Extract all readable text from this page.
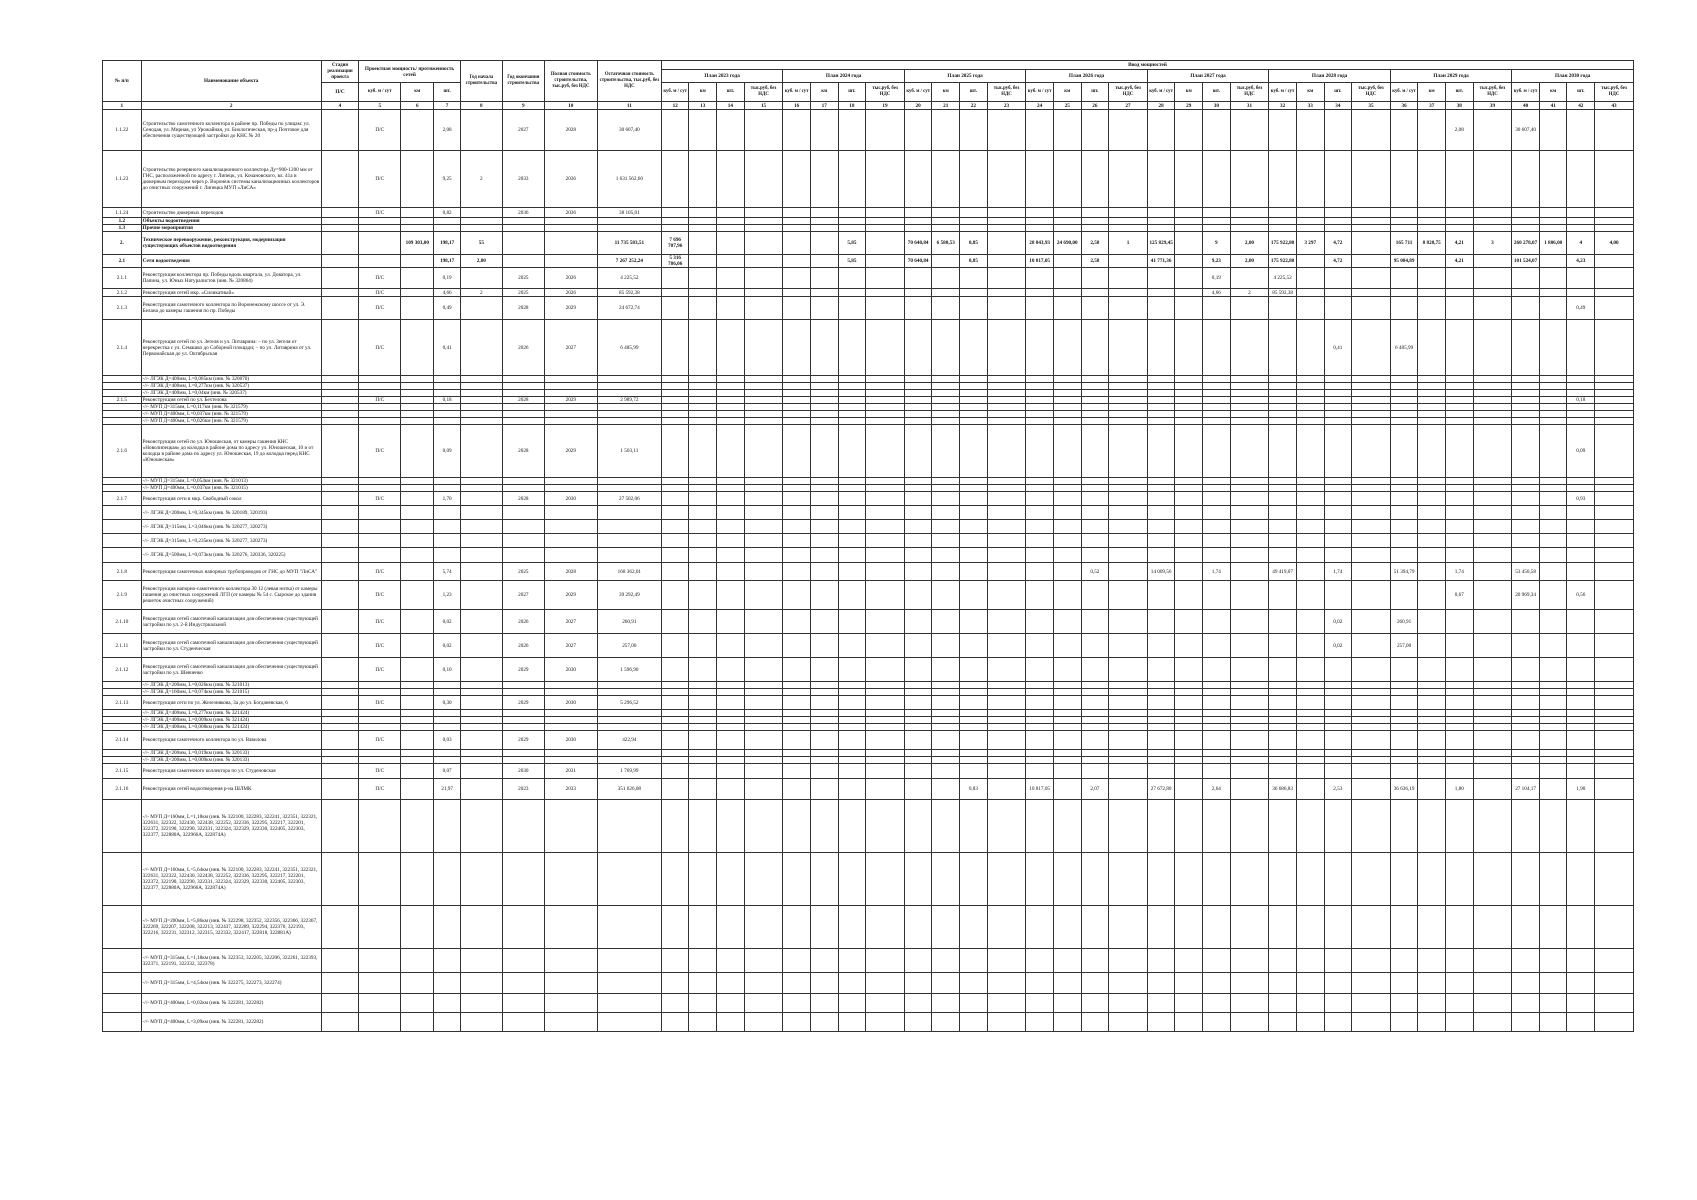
№ п/п	Наименование объекта	Стадия реализации проекта	Проектная мощность/ протяженность сетей			Год начала строительства	Год окончания строительства	Полная стоимость строительства, тыс.руб, без НДС	Остаточная стоимость строительства, тыс.руб, без НДС	Ввод мощностей																															
										План 2023 года				План 2024 года				План 2025 года				План 2026 года				План 2027 года				План 2028 года				План 2029 года				План 2030 года			
			куб. м / сут	км	шт.					куб. м / сут	км	шт.	тыс.руб, без НДС	куб. м / сут	км	шт.	тыс.руб, без НДС	куб. м / сут	км	шт.	тыс.руб, без НДС	куб. м / сут	км	шт.	тыс.руб, без НДС	куб. м / сут	км	шт.	тыс.руб, без НДС	куб. м / сут	км	шт.	тыс.руб, без НДС	куб. м / сут	км	шт.	тыс.руб, без НДС	куб. м / сут	км	шт.	тыс.руб, без НДС
		П/С																																							
1	2	4	5	6	7	8	9	10	11	12	13	14	15	16	17	18	19	20	21	22	23	24	25	26	27	28	29	30	31	32	33	34	35	36	37	38	39	40	41	42	43
1.1.22	Строительство самотечного коллектора в районе пр. Победы по улицам: ул. Сенодая, ул. Мирная, ул Урожайная, ул. Биологическая, пр-д Почтовое для обеспечения существующей застройки до КНС № 20		П/С		2,08		2027	2028	30 607,40																											2,08		30 607,40			
1.1.23	Строительство резервного канализационного коллектора Ду=900-1200 мм от ГНС, расположенной по адресу г. Липецк, ул. Кочановского, вл. 41а и дюкерным переходом через р. Воронеж системы канализационных коллекторов до очистных сооружений г. Липецка МУП «ЛиСА»		П/С		9,25	2	2033	2036	1 631 562,60																																
1.1.24	Строительство дюкерных переходов		П/С		0,82		2036	2036	38 105,01																																
1.2	Объекты водоотведения																																								
1.3	Прочие мероприятия																																								
2.	Техническое перевооружение, реконструкция, модернизация существующих объектов водоотведения			109 303,00	198,17	55			11 735 583,51	7 696 707,96						5,85		70 640,84	6 580,53	0,85		28 843,93	24 690,00	2,58	1	125 829,45		9	2,00	175 922,80	3 297	4,72		165 711	8 828,75	4,21	3	260 278,07	1 886,00	4	4,00
2.1	Сети водоотведения				198,17	2,00			7 267 252,24	5 316 786,06						5,85		70 640,84		0,85		10 817,05		2,58		41 771,36		9,23	2,00	175 922,80		4,72		95 084,89		4,21		101 524,07		4,23	
2.1.1	Реконструкция коллектора пр. Победы вдоль квартала, ул. Доватора, ул. Папина, ул. Юных Натуралистов (инв. № 320864)		П/С		0,19		2025	2026	4 225,52																			0,19		4 225,52											
2.1.2	Реконструкция сетей мкр. «Силикатный»		П/С		4,66	2	2025	2026	85 592,38																			4,66	2	85 592,38											
2.1.3	Реконструкция самотечного коллектора по Воронежскому шоссе от ул. Э. Белана до камеры гашения по пр. Победы		П/С		0,49		2028	2029	24 672,74																															0,49	
2.1.4	Реконструкция сетей по ул. Зегеля и ул. Литаврина: – по ул. Зегеля от перекрестка с ул. Семашко до Соборной площади; – по ул. Литаврина от ул. Первомайская до ул. Октябрьская		П/С		0,41		2026	2027	6 485,99																							0,41		6 485,99							
	-//- ЛГЭК Д=400мм, L=0,085км (инв. № 320070)																																								
	-//- ЛГЭК Д=400мм, L=0,277км (инв. № 320537)																																								
	-//- ЛГЭК Д=400мм, L=0,04км (инв. № 320537)																																								
2.1.5	Реконструкция сетей по ул. Бехтелова		П/С		0,18		2028	2029	2 989,72																															0,18	
	-//- МУП Д=315мм, L=0,117км (инв. № 321579)																																								
	-//- МУП Д=400мм, L=0,037км (инв. № 321579)																																								
	-//- МУП Д=400мм, L=0,026км (инв. № 321579)																																								
2.1.6	Реконструкция сетей по ул. Юношеская, от камеры гашения КНС «Новолипецкая» до колодца в районе дома по адресу ул. Юношеская, 10 и от колодца в районе дома по адресу ул. Юношеская, 19 до колодца перед КНС «Юношеская»		П/С		0,09		2028	2029	1 503,11																															0,09	
	-//- МУП Д=315мм, L=0,054км (инв. № 321013)																																								
	-//- МУП Д=400мм, L=0,037км (инв. № 321015)																																								
2.1.7	Реконструкция сети в мкр. Свободный сокол		П/С		1,70		2028	2030	27 502,06																															0,93	
	-//- ЛГЭК Д=200мм, L=0,345км (инв. № 320189, 320193)																																								
	-//- ЛГЭК Д=315мм, L=3,046км (инв. № 320277, 320273)																																								
	-//- ЛГЭК Д=315мм, L=0,235км (инв. № 320277, 320273)																																								
	-//- ЛГЭК Д=500мм, L=0,073км (инв. № 320276, 320336, 320225)																																								
2.1.8	Реконструкция самотечных напорных трубопроводов от ГНС до МУП "ЛиСА"		П/С		5,74		2025	2028	168 362,01															0,52		14 009,56		1,74		49 419,07		1,74		51 394,79		1,74		53 450,58			
2.1.9	Реконструкция напорно-самотечного коллектора 30 12 (левая нитка) от камеры гашения до очистных сооружений ЛГП (от камеры № 54 с. Сырское до здания решеток очистных сооружений)		П/С		1,23		2027	2029	39 292,49																											0,67		20 969,34		0,56	
2.1.10	Реконструкция сетей самотечной канализации для обеспечения существующей застройки по ул. 2-й Индустриальной		П/С		0,02		2026	2027	260,91																							0,02		260,91							
2.1.11	Реконструкция сетей самотечной канализации для обеспечения существующей застройки по ул. Студенческая		П/С		0,02		2026	2027	257,00																							0,02		257,00							
2.1.12	Реконструкция сетей самотечной канализации для обеспечения существующей застройки по ул. Шевченко		П/С		0,10		2029	2030	1 596,90																																
	-//- ЛГЭК Д=200мм, L=0,026км (инв. № 321013)																																								
	-//- ЛГЭК Д=160мм, L=0,074км (инв. № 321015)																																								
2.1.13	Реконструкция сети по ул. Железнякова, 3а до ул. Богданевская, 6		П/С		0,30		2029	2030	5 296,52																																
	-//- ЛГЭК Д=400мм, L=0,277км (инв. № 321424)																																								
	-//- ЛГЭК Д=400мм, L=0,009км (инв. № 321424)																																								
	-//- ЛГЭК Д=400мм, L=0,008км (инв. № 321424)																																								
2.1.14	Реконструкция самотечного коллектора по ул. Вавилова		П/С		0,03		2029	2030	422,94																																
	-//- ЛГЭК Д=200мм, L=0,019км (инв. № 320133)																																								
	-//- ЛГЭК Д=200мм, L=0,009км (инв. № 320133)																																								
2.1.15	Реконструкция самотечного коллектора по ул. Студеновская		П/С		0,07		2030	2031	1 769,99																																
2.1.16	Реконструкция сетей водоотведения р-на ШЛМК		П/С		21,97		2023	2033	351 026,08											0,83		10 817,05		2,07		27 672,80		2,64		36 686,83		2,53		36 636,19		1,80		27 104,17		1,90	
	-//- МУП Д=160мм, L=1,18км (инв. № 322100, 322283, 322241, 322351, 322321, 322631, 322322, 322430, 322438, 322252, 322336, 322295, 322217, 322201, 322372, 322190, 322290, 322331, 322324, 322329, 322330, 322405, 322303, 322377, 322880А, 322966А, 322874А)																																								
	-//- МУП Д=160мм, L=5,64км (инв. № 322100, 322283, 322241, 322351, 322321, 322631, 322322, 322430, 322438, 322252, 322336, 322295, 322217, 322201, 322372, 322190, 322290, 322331, 322324, 322329, 322330, 322405, 322303, 322377, 322880А, 322966А, 322874А)																																								
	-//- МУП Д=200мм, L=5,86км (инв. № 322298, 322352, 322356, 322366, 322367, 322269, 322207, 322208, 322213, 322437, 322289, 322294, 322370, 322193, 322216, 322231, 322312, 322315, 322332, 322417, 322818, 322881А)																																								
	-//- МУП Д=315мм, L=1,18км (инв. № 322353, 322205, 322206, 322261, 322393, 322371, 322191, 322332, 322378)																																								
	-//- МУП Д=315мм, L=4,54км (инв. № 322275, 322273, 322274)																																								
	-//- МУП Д=400мм, L=0,02км (инв. № 322281, 322282)																																								
	-//- МУП Д=400мм, L=3,09км (инв. № 322281, 322282)																																								
